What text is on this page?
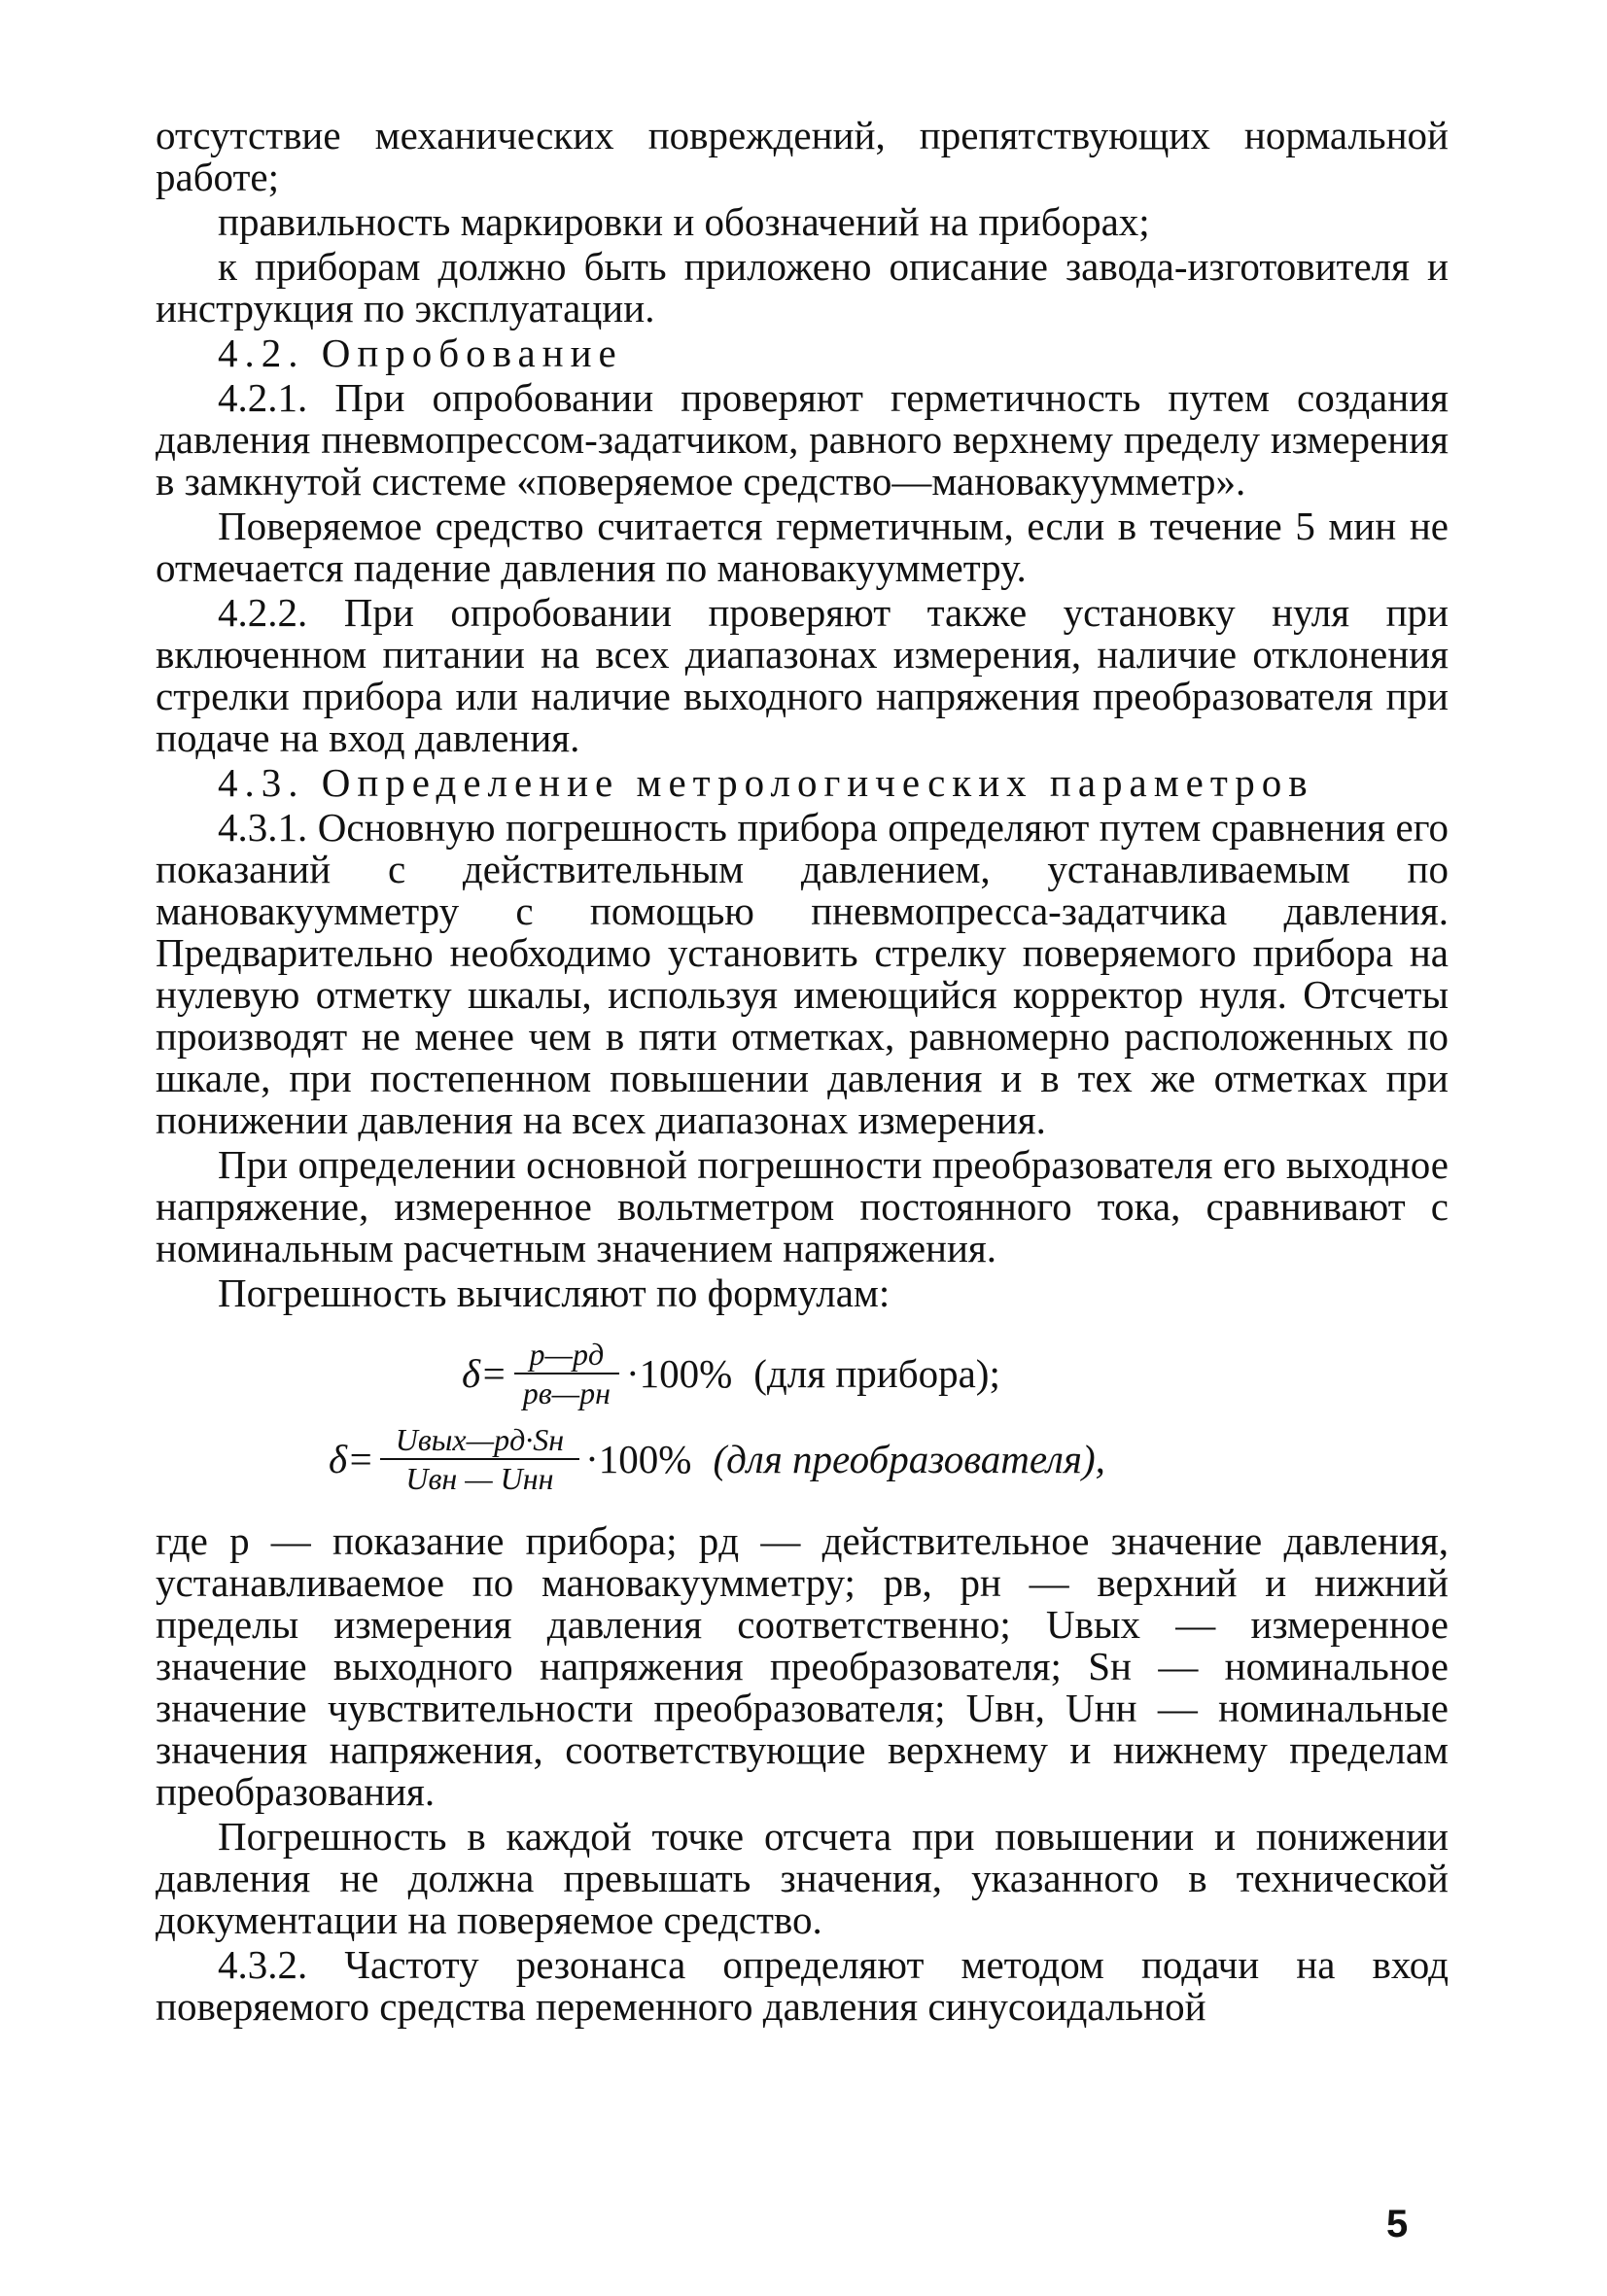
отсутствие механических повреждений, препятствующих нормальной работе;

правильность маркировки и обозначений на приборах;

к приборам должно быть приложено описание завода-изготовителя и инструкция по эксплуатации.

4.2. Опробование

4.2.1. При опробовании проверяют герметичность путем создания давления пневмопрессом-задатчиком, равного верхнему пределу измерения в замкнутой системе «поверяемое средство—мановакуумметр».

Поверяемое средство считается герметичным, если в течение 5 мин не отмечается падение давления по мановакуумметру.

4.2.2. При опробовании проверяют также установку нуля при включенном питании на всех диапазонах измерения, наличие отклонения стрелки прибора или наличие выходного напряжения преобразователя при подаче на вход давления.

4.3. Определение метрологических параметров

4.3.1. Основную погрешность прибора определяют путем сравнения его показаний с действительным давлением, устанавливаемым по мановакуумметру с помощью пневмопресса-задатчика давления. Предварительно необходимо установить стрелку поверяемого прибора на нулевую отметку шкалы, используя имеющийся корректор нуля. Отсчеты производят не менее чем в пяти отметках, равномерно расположенных по шкале, при постепенном повышении давления и в тех же отметках при понижении давления на всех диапазонах измерения.

При определении основной погрешности преобразователя его выходное напряжение, измеренное вольтметром постоянного тока, сравнивают с номинальным расчетным значением напряжения.

Погрешность вычисляют по формулам:

$\delta= \frac{p—pд}{pв—pн} \cdot 100\%$ (для прибора);
$\delta= \frac{\text{Uвых—pд·Sн}}{\text{Uвн — Uнн}} \cdot 100\%$ (для преобразователя),

где p — показание прибора; pд — действительное значение давления, устанавливаемое по мановакуумметру; pв, pн — верхний и нижний пределы измерения давления соответственно; Uвых — измеренное значение выходного напряжения преобразователя; Sн — номинальное значение чувствительности преобразователя; Uвн, Uнн — номинальные значения напряжения, соответствующие верхнему и нижнему пределам преобразования.

Погрешность в каждой точке отсчета при повышении и понижении давления не должна превышать значения, указанного в технической документации на поверяемое средство.

4.3.2. Частоту резонанса определяют методом подачи на вход поверяемого средства переменного давления синусоидальной

5
